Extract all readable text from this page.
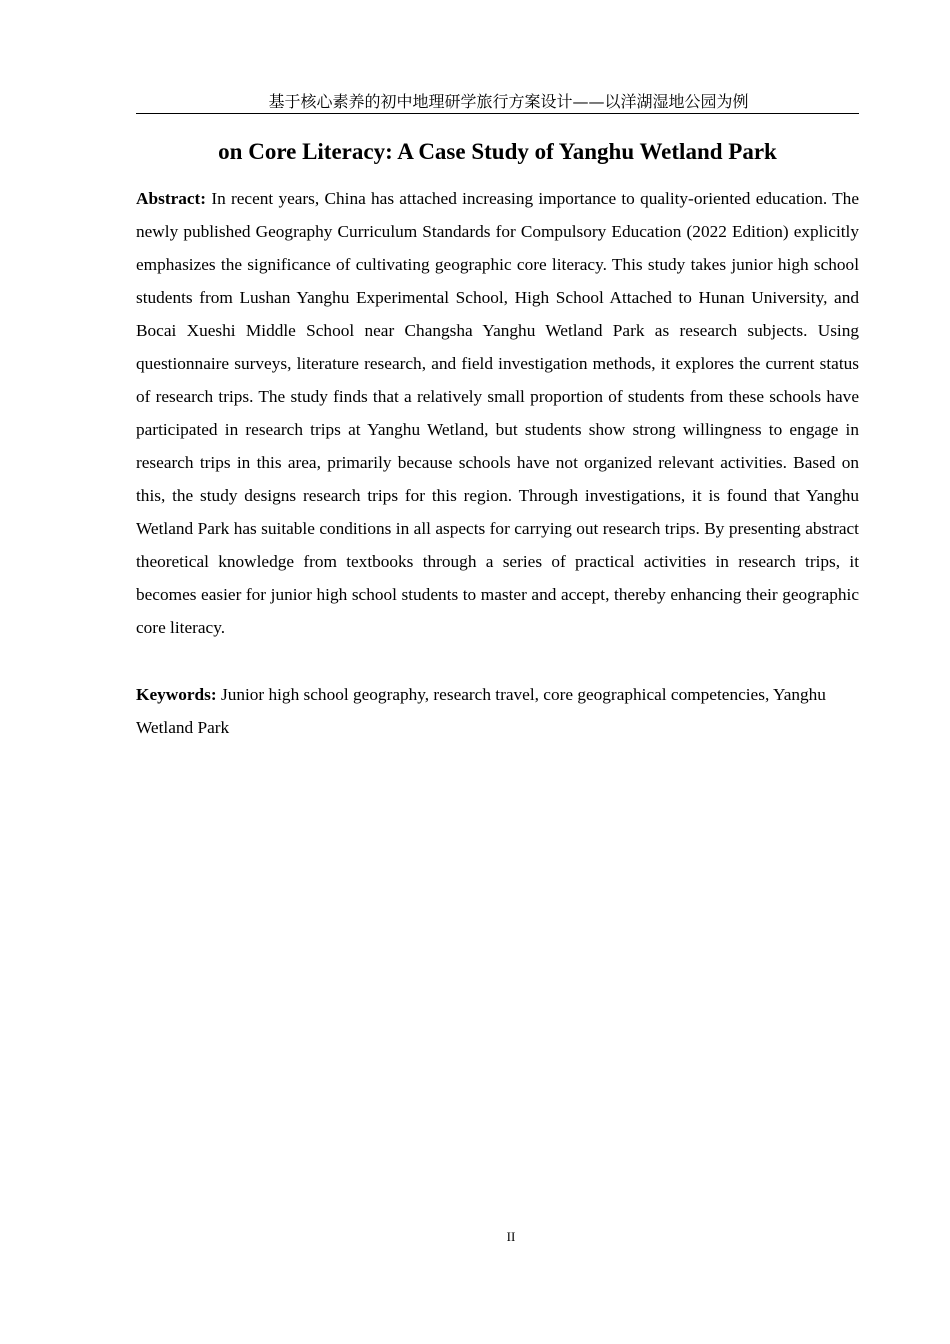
基于核心素养的初中地理研学旅行方案设计——以洋湖湿地公园为例
on Core Literacy: A Case Study of Yanghu Wetland Park

Abstract: In recent years, China has attached increasing importance to quality-oriented education. The newly published Geography Curriculum Standards for Compulsory Education (2022 Edition) explicitly emphasizes the significance of cultivating geographic core literacy. This study takes junior high school students from Lushan Yanghu Experimental School, High School Attached to Hunan University, and Bocai Xueshi Middle School near Changsha Yanghu Wetland Park as research subjects. Using questionnaire surveys, literature research, and field investigation methods, it explores the current status of research trips. The study finds that a relatively small proportion of students from these schools have participated in research trips at Yanghu Wetland, but students show strong willingness to engage in research trips in this area, primarily because schools have not organized relevant activities. Based on this, the study designs research trips for this region. Through investigations, it is found that Yanghu Wetland Park has suitable conditions in all aspects for carrying out research trips. By presenting abstract theoretical knowledge from textbooks through a series of practical activities in research trips, it becomes easier for junior high school students to master and accept, thereby enhancing their geographic core literacy.

Keywords: Junior high school geography, research travel, core geographical competencies, Yanghu Wetland Park

II
